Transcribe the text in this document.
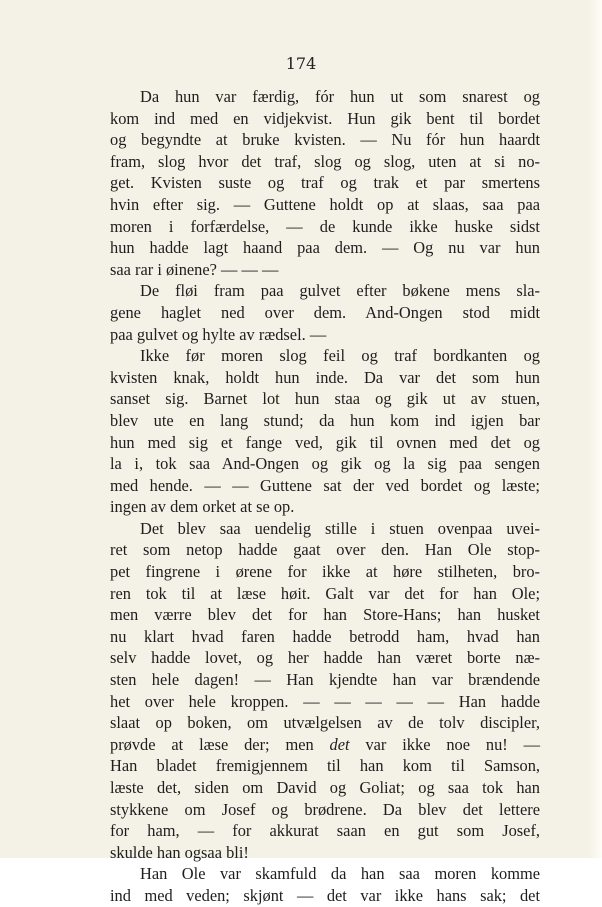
174
Da hun var færdig, fór hun ut som snarest og
kom ind med en vidjekvist. Hun gik bent til bordet
og begyndte at bruke kvisten. — Nu fór hun haardt
fram, slog hvor det traf, slog og slog, uten at si no-
get. Kvisten suste og traf og trak et par smertens
hvin efter sig. — Guttene holdt op at slaas, saa paa
moren i forfærdelse, — de kunde ikke huske sidst
hun hadde lagt haand paa dem. — Og nu var hun
saa rar i øinene? — — —
De fløi fram paa gulvet efter bøkene mens sla-
gene haglet ned over dem. And-Ongen stod midt
paa gulvet og hylte av rædsel. —
Ikke før moren slog feil og traf bordkanten og
kvisten knak, holdt hun inde. Da var det som hun
sanset sig. Barnet lot hun staa og gik ut av stuen,
blev ute en lang stund; da hun kom ind igjen bar
hun med sig et fange ved, gik til ovnen med det og
la i, tok saa And-Ongen og gik og la sig paa sengen
med hende. — — Guttene sat der ved bordet og læste;
ingen av dem orket at se op.
Det blev saa uendelig stille i stuen ovenpaa uvei-
ret som netop hadde gaat over den. Han Ole stop-
pet fingrene i ørene for ikke at høre stilheten, bro-
ren tok til at læse høit. Galt var det for han Ole;
men værre blev det for han Store-Hans; han husket
nu klart hvad faren hadde betrodd ham, hvad han
selv hadde lovet, og her hadde han været borte næ-
sten hele dagen! — Han kjendte han var brændende
het over hele kroppen. — — — — — Han hadde
slaat op boken, om utvælgelsen av de tolv discipler,
prøvde at læse der; men det var ikke noe nu! —
Han bladet fremigjennem til han kom til Samson,
læste det, siden om David og Goliat; og saa tok han
stykkene om Josef og brødrene. Da blev det lettere
for ham, — for akkurat saan en gut som Josef,
skulde han ogsaa bli!
Han Ole var skamfuld da han saa moren komme
ind med veden; skjønt — det var ikke hans sak; det
